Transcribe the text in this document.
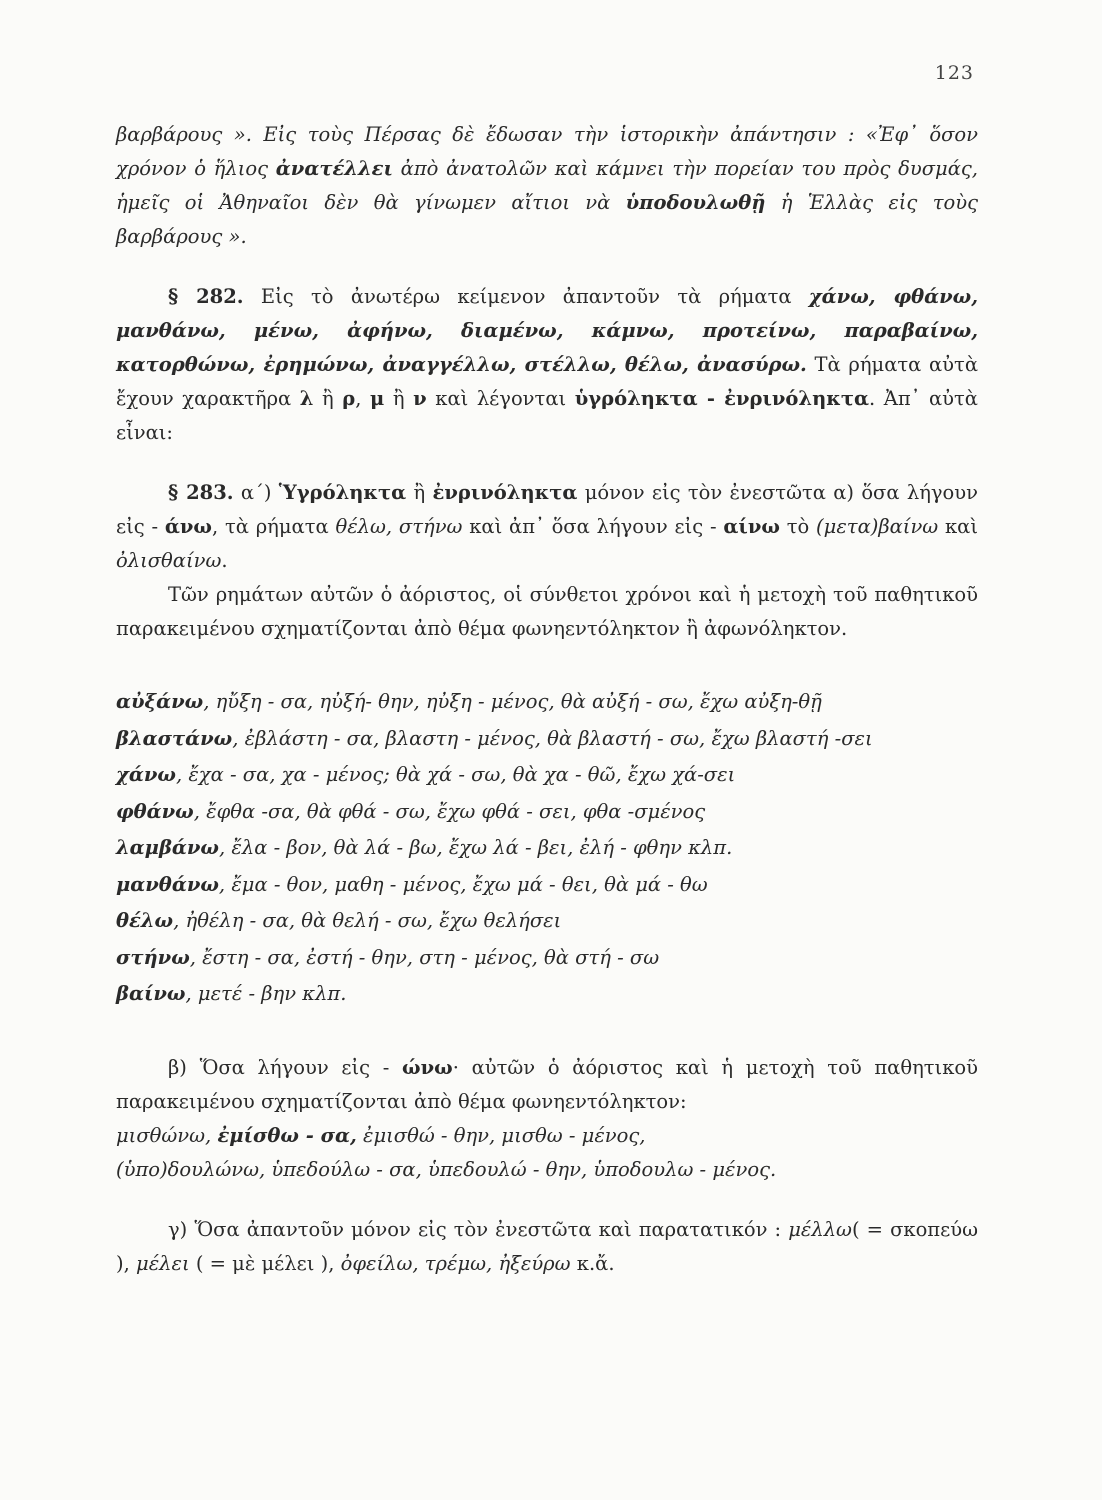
123

βαρβάρους ». Εἰς τοὺς Πέρσας δὲ ἔδωσαν τὴν ἱστορικὴν ἀπάντησιν : «Ἐφ᾽ ὅσον χρόνον ὁ ἥλιος ἀνατέλλει ἀπὸ ἀνατολῶν καὶ κάμνει τὴν πορείαν του πρὸς δυσμάς, ἡμεῖς οἱ Ἀθηναῖοι δὲν θὰ γίνωμεν αἴτιοι νὰ ὑποδουλωθῇ ἡ Ἑλλὰς εἰς τοὺς βαρβάρους ».

§ 282. Εἰς τὸ ἀνωτέρω κείμενον ἀπαντοῦν τὰ ρήματα χάνω, φθάνω, μανθάνω, μένω, ἀφήνω, διαμένω, κάμνω, προτείνω, παραβαίνω, κατορθώνω, ἐρημώνω, ἀναγγέλλω, στέλλω, θέλω, ἀνασύρω. Τὰ ρήματα αὐτὰ ἔχουν χαρακτῆρα λ ἢ ρ, μ ἢ ν καὶ λέγονται ὑγρόληκτα - ἐνρινόληκτα. Ἀπ᾽ αὐτὰ εἶναι:

§ 283. α΄) Ὑγρόληκτα ἢ ἐνρινόληκτα μόνον εἰς τὸν ἐνεστῶτα α) ὅσα λήγουν εἰς - άνω, τὰ ρήματα θέλω, στήνω καὶ ἀπ᾽ ὅσα λήγουν εἰς - αίνω τὸ (μετα)βαίνω καὶ ὀλισθαίνω.

Τῶν ρημάτων αὐτῶν ὁ ἀόριστος, οἱ σύνθετοι χρόνοι καὶ ἡ μετοχὴ τοῦ παθητικοῦ παρακειμένου σχηματίζονται ἀπὸ θέμα φωνηεντόληκτον ἢ ἀφωνόληκτον.

αὐξάνω, ηὔξη - σα, ηὐξή- θην, ηὐξη - μένος, θὰ αὐξή - σω, ἔχω αὐξη-θῇ

βλαστάνω, ἐβλάστη - σα, βλαστη - μένος, θὰ βλαστή - σω, ἔχω βλαστή -σει

χάνω, ἔχα - σα, χα - μένος; θὰ χά - σω, θὰ χα - θῶ, ἔχω χά-σει

φθάνω, ἔφθα -σα, θὰ φθά - σω, ἔχω φθά - σει, φθα -σμένος

λαμβάνω, ἔλα - βον, θὰ λά - βω, ἔχω λά - βει, ἐλή - φθην κλπ.

μανθάνω, ἔμα - θον, μαθη - μένος, ἔχω μά - θει, θὰ μά - θω

θέλω, ἠθέλη - σα, θὰ θελή - σω, ἔχω θελήσει

στήνω, ἔστη - σα, ἐστή - θην, στη - μένος, θὰ στή - σω

βαίνω, μετέ - βην κλπ.

β) Ὅσα λήγουν εἰς - ώνω· αὐτῶν ὁ ἀόριστος καὶ ἡ μετοχὴ τοῦ παθητικοῦ παρακειμένου σχηματίζονται ἀπὸ θέμα φωνηεντόληκτον:

μισθώνω, ἐμίσθω - σα, ἐμισθώ - θην, μισθω - μένος,

(ὑπο)δουλώνω, ὑπεδούλω - σα, ὑπεδουλώ - θην, ὑποδουλω - μένος.

γ) Ὅσα ἀπαντοῦν μόνον εἰς τὸν ἐνεστῶτα καὶ παρατατικόν : μέλλω( = σκοπεύω ), μέλει ( = μὲ μέλει ), ὀφείλω, τρέμω, ἠξεύρω κ.ἄ.
